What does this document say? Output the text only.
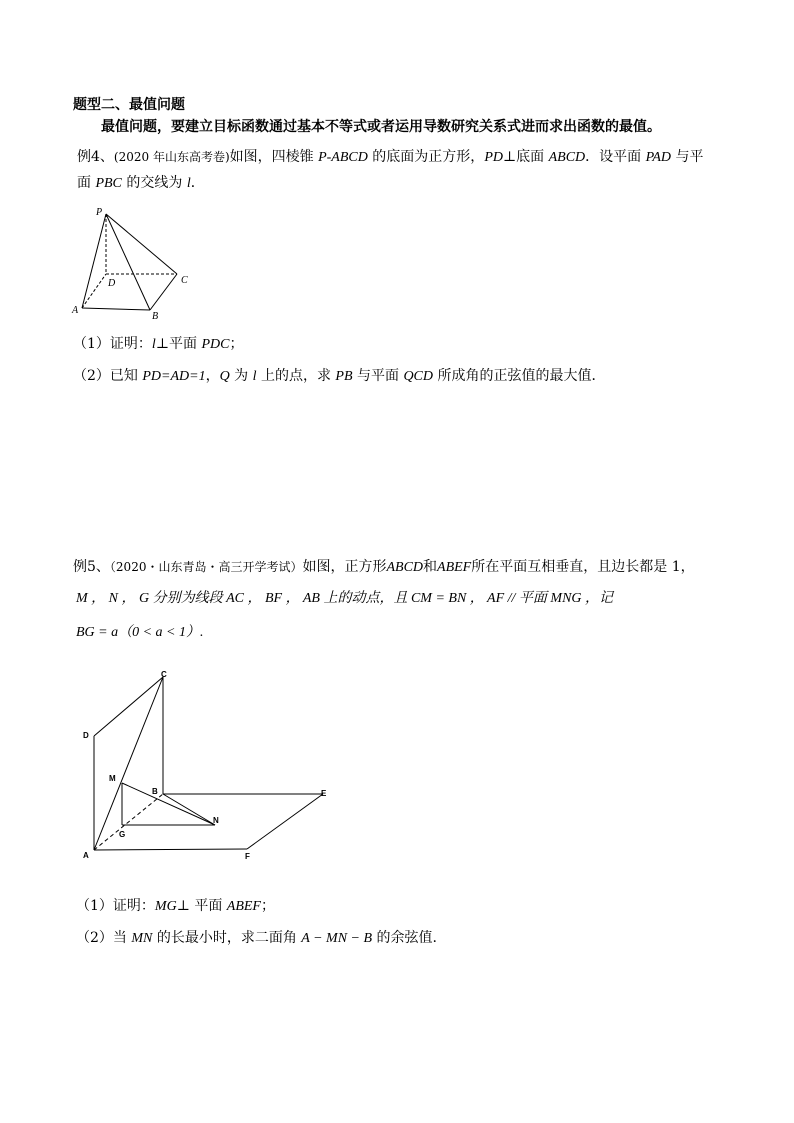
题型二、最值问题
最值问题，要建立目标函数通过基本不等式或者运用导数研究关系式进而求出函数的最值。
例4、(2020 年山东高考卷)如图，四棱锥 P-ABCD 的底面为正方形，PD⊥底面 ABCD．设平面 PAD 与平
面 PBC 的交线为 l．
P
C
D
A
B
（1）证明：l⊥平面 PDC；
（2）已知 PD=AD=1，Q 为 l 上的点，求 PB 与平面 QCD 所成角的正弦值的最大值．
例5、（2020・山东青岛・高三开学考试）如图，正方形ABCD和ABEF所在平面互相垂直，且边长都是 1，
M ， N ， G 分别为线段 AC ， BF ， AB 上的动点，且 CM = BN ， AF // 平面 MNG ，记
BG = a（0 < a < 1）.
C
D
M
B	E
N
G
A	F
（1）证明：MG⊥ 平面 ABEF；
（2）当 MN 的长最小时，求二面角 A − MN − B 的余弦值.
